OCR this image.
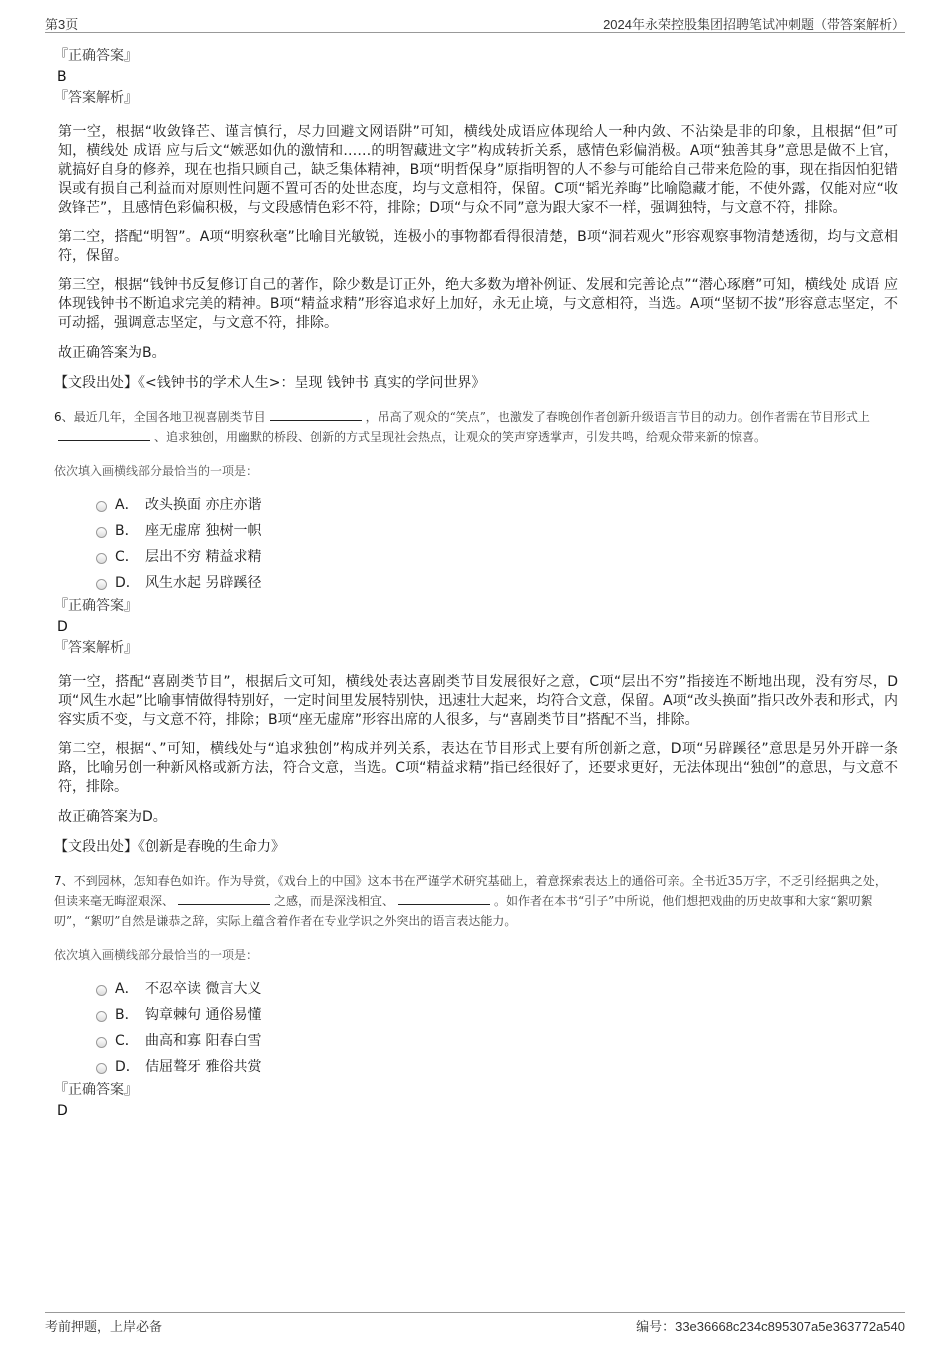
第3页	2024年永荣控股集团招聘笔试冲刺题（带答案解析）
『正确答案』
B
『答案解析』

第一空，根据“收敛锋芒、谨言慎行，尽力回避文网语阱”可知，横线处成语应体现给人一种内敛、不沾染是非的印象，且根据“但”可知，横线处 成语 应与后文“嫉恶如仇的激情和……的明智藏进文字”构成转折关系，感情色彩偏消极。A项“独善其身”意思是做不上官，就搞好自身的修养，现在也指只顾自己，缺乏集体精神，B项“明哲保身”原指明智的人不参与可能给自己带来危险的事，现在指因怕犯错误或有损自己利益而对原则性问题不置可否的处世态度，均与文意相符，保留。C项“韬光养晦”比喻隐藏才能，不使外露，仅能对应“收敛锋芒”，且感情色彩偏积极，与文段感情色彩不符，排除；D项“与众不同”意为跟大家不一样，强调独特，与文意不符，排除。

第二空，搭配“明智”。A项“明察秋毫”比喻目光敏锐，连极小的事物都看得很清楚，B项“洞若观火”形容观察事物清楚透彻，均与文意相符，保留。

第三空，根据“钱钟书反复修订自己的著作，除少数是订正外，绝大多数为增补例证、发展和完善论点”“潜心琢磨”可知，横线处 成语 应体现钱钟书不断追求完美的精神。B项“精益求精”形容追求好上加好，永无止境，与文意相符，当选。A项“坚韧不拔”形容意志坚定，不可动摇，强调意志坚定，与文意不符，排除。

故正确答案为B。
【文段出处】《<钱钟书的学术人生>：呈现 钱钟书 真实的学问世界》
6、最近几年，全国各地卫视喜剧类节目	，吊高了观众的“笑点”，也激发了春晚创作者创新升级语言节目的动力。创作者需在节目形式上、追求独创，用幽默的桥段、创新的方式呈现社会热点，让观众的笑声穿透掌声，引发共鸣，给观众带来新的惊喜。
依次填入画横线部分最恰当的一项是：
A． 改头换面 亦庄亦谐
B． 座无虚席 独树一帜
C． 层出不穷 精益求精
D． 风生水起 另辟蹊径
『正确答案』
D
『答案解析』

第一空，搭配“喜剧类节目”，根据后文可知，横线处表达喜剧类节目发展很好之意，C项“层出不穷”指接连不断地出现，没有穷尽，D项“风生水起”比喻事情做得特别好，一定时间里发展特别快，迅速壮大起来，均符合文意，保留。A项“改头换面”指只改外表和形式，内容实质不变，与文意不符，排除；B项“座无虚席”形容出席的人很多，与“喜剧类节目”搭配不当，排除。

第二空，根据“、”可知，横线处与“追求独创”构成并列关系，表达在节目形式上要有所创新之意，D项“另辟蹊径”意思是另外开辟一条路，比喻另创一种新风格或新方法，符合文意，当选。C项“精益求精”指已经很好了，还要求更好，无法体现出“独创”的意思，与文意不符，排除。

故正确答案为D。
【文段出处】《创新是春晚的生命力》
7、不到园林，怎知春色如许。作为导赏，《戏台上的中国》这本书在严谨学术研究基础上，着意探索表达上的通俗可亲。全书近35万字，不乏引经据典之处，但读来毫无晦涩艰深、	之感，而是深浅相宜、	。如作者在本书“引子”中所说，他们想把戏曲的历史故事和大家“絮叨絮叨”，“絮叨”自然是谦恭之辞，实际上蕴含着作者在专业学识之外突出的语言表达能力。
依次填入画横线部分最恰当的一项是：
A． 不忍卒读 微言大义
B． 钩章棘句 通俗易懂
C． 曲高和寡 阳春白雪
D． 佶屈聱牙 雅俗共赏
『正确答案』
D
考前押题，上岸必备	编号：33e36668c234c895307a5e363772a540
